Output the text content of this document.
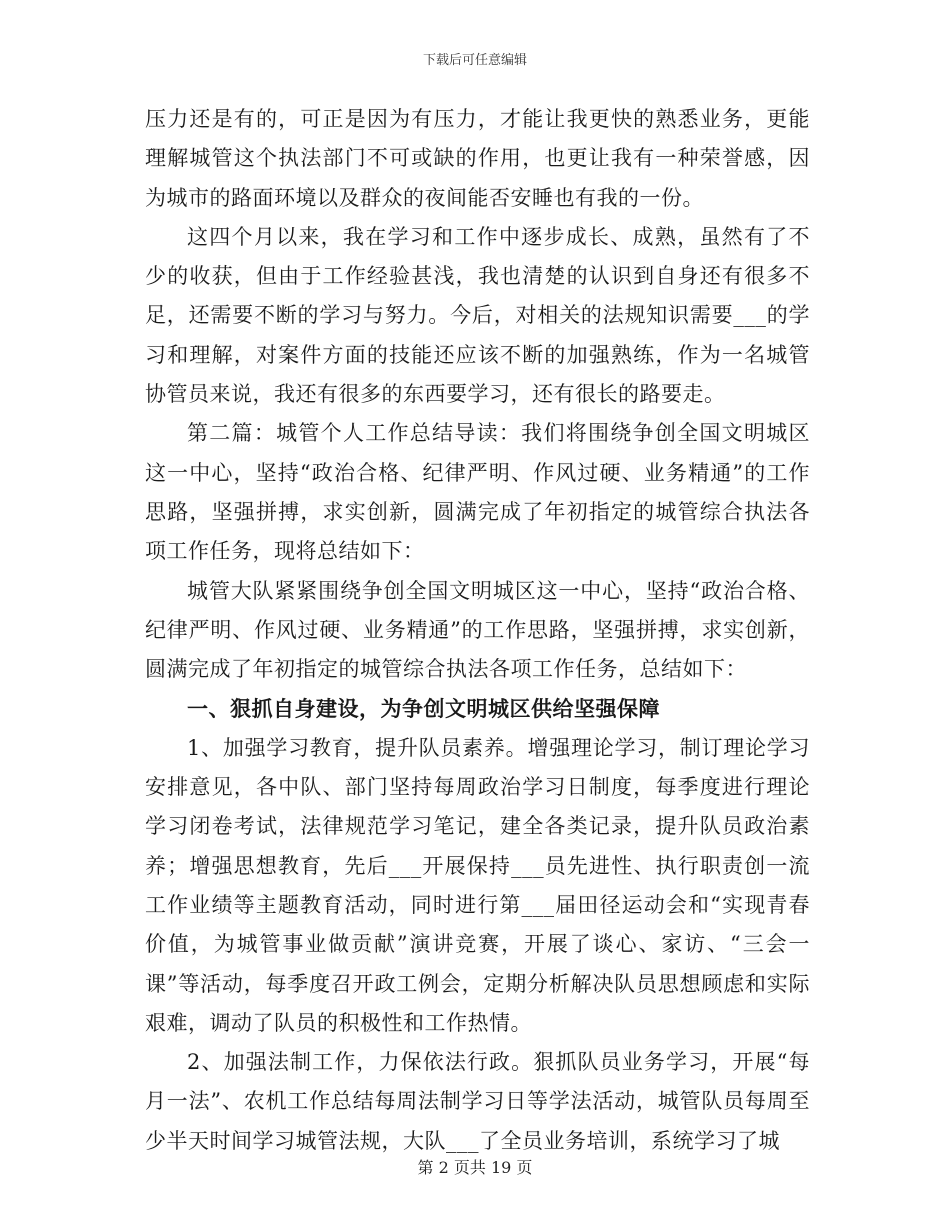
下载后可任意编辑

压力还是有的，可正是因为有压力，才能让我更快的熟悉业务，更能理解城管这个执法部门不可或缺的作用，也更让我有一种荣誉感，因为城市的路面环境以及群众的夜间能否安睡也有我的一份。

这四个月以来，我在学习和工作中逐步成长、成熟，虽然有了不少的收获，但由于工作经验甚浅，我也清楚的认识到自身还有很多不足，还需要不断的学习与努力。今后，对相关的法规知识需要___的学习和理解，对案件方面的技能还应该不断的加强熟练，作为一名城管协管员来说，我还有很多的东西要学习，还有很长的路要走。

第二篇：城管个人工作总结导读：我们将围绕争创全国文明城区这一中心，坚持“政治合格、纪律严明、作风过硬、业务精通”的工作思路，坚强拼搏，求实创新，圆满完成了年初指定的城管综合执法各项工作任务，现将总结如下：

城管大队紧紧围绕争创全国文明城区这一中心，坚持“政治合格、纪律严明、作风过硬、业务精通”的工作思路，坚强拼搏，求实创新，圆满完成了年初指定的城管综合执法各项工作任务，总结如下：

一、狠抓自身建设，为争创文明城区供给坚强保障

1、加强学习教育，提升队员素养。增强理论学习，制订理论学习安排意见，各中队、部门坚持每周政治学习日制度，每季度进行理论学习闭卷考试，法律规范学习笔记，建全各类记录，提升队员政治素养；增强思想教育，先后___开展保持___员先进性、执行职责创一流工作业绩等主题教育活动，同时进行第___届田径运动会和“实现青春价值，为城管事业做贡献”演讲竞赛，开展了谈心、家访、“三会一课”等活动，每季度召开政工例会，定期分析解决队员思想顾虑和实际艰难，调动了队员的积极性和工作热情。

2、加强法制工作，力保依法行政。狠抓队员业务学习，开展“每月一法”、农机工作总结每周法制学习日等学法活动，城管队员每周至少半天时间学习城管法规，大队___了全员业务培训，系统学习了城

第 2 页共 19 页
